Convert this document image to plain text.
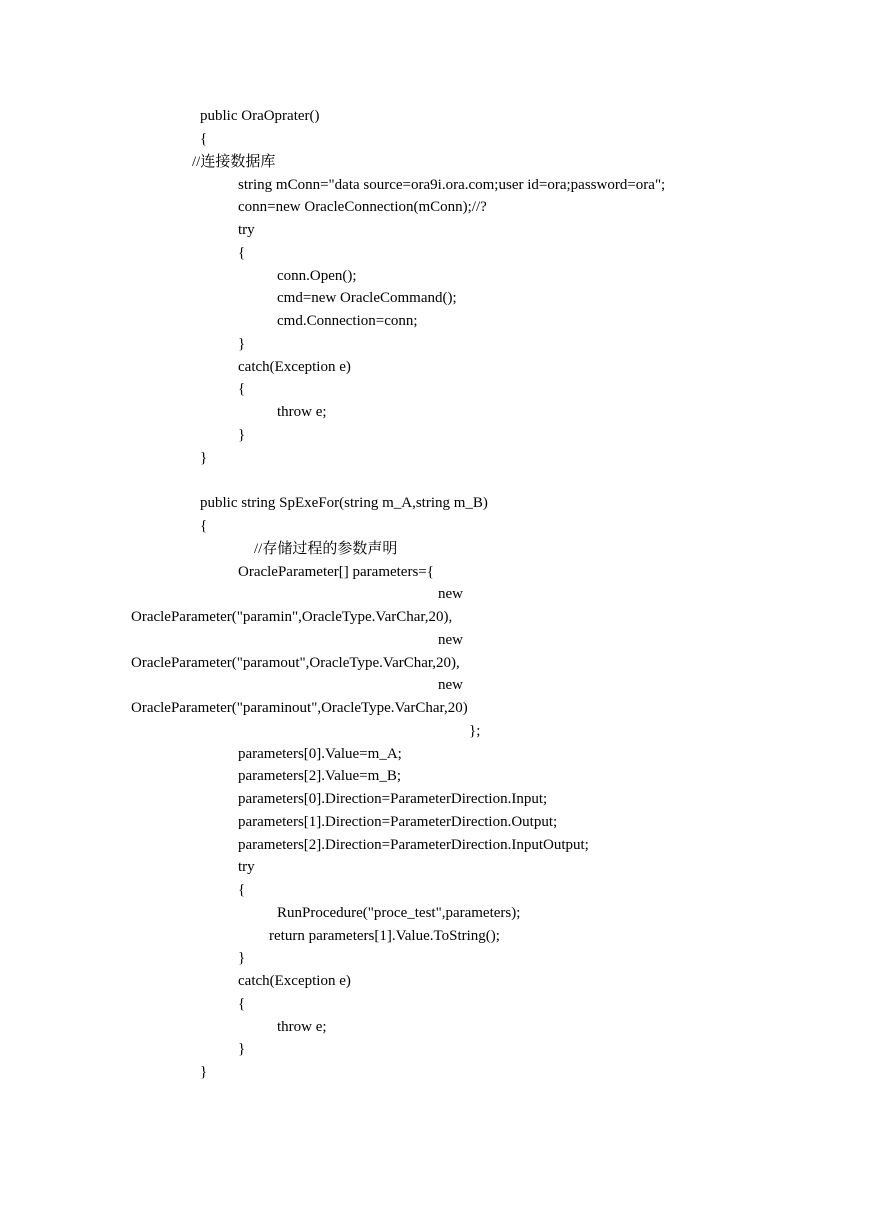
public OraOprater()
{
//连接数据库
string mConn="data source=ora9i.ora.com;user id=ora;password=ora";
conn=new OracleConnection(mConn);//?
try
{
conn.Open();
cmd=new OracleCommand();
cmd.Connection=conn;
}
catch(Exception e)
{
throw e;
}
}
public string SpExeFor(string m_A,string m_B)
{
//存储过程的参数声明
OracleParameter[] parameters={
new
OracleParameter("paramin",OracleType.VarChar,20),
new
OracleParameter("paramout",OracleType.VarChar,20),
new
OracleParameter("paraminout",OracleType.VarChar,20)
};
parameters[0].Value=m_A;
parameters[2].Value=m_B;
parameters[0].Direction=ParameterDirection.Input;
parameters[1].Direction=ParameterDirection.Output;
parameters[2].Direction=ParameterDirection.InputOutput;
try
{
RunProcedure("proce_test",parameters);
return parameters[1].Value.ToString();
}
catch(Exception e)
{
throw e;
}
}
